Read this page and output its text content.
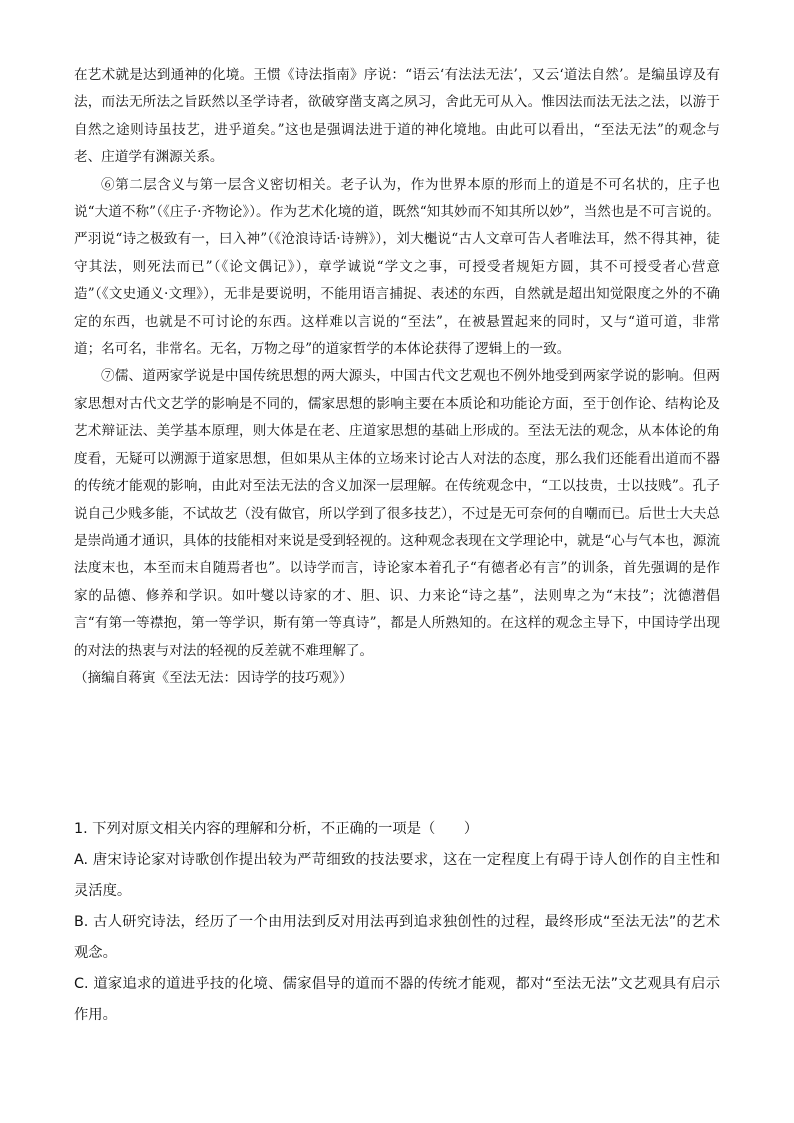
在艺术就是达到通神的化境。王惯《诗法指南》序说：“语云‘有法法无法’，又云‘道法自然’。是编虽谆及有法，而法无所法之旨跃然以圣学诗者，欲破穿凿支离之夙习，舍此无可从入。惟因法而法无法之法，以游于自然之途则诗虽技艺，进乎道矣。”这也是强调法进于道的神化境地。由此可以看出，“至法无法”的观念与老、庄道学有渊源关系。

⑥第二层含义与第一层含义密切相关。老子认为，作为世界本原的形而上的道是不可名状的，庄子也说“大道不称”（《庄子·齐物论》）。作为艺术化境的道，既然“知其妙而不知其所以妙”，当然也是不可言说的。严羽说“诗之极致有一，曰入神”（《沧浪诗话·诗辨》），刘大櫆说“古人文章可告人者唯法耳，然不得其神，徒守其法，则死法而已”（《论文偶记》），章学诚说“学文之事，可授受者规矩方圆，其不可授受者心营意造”（《文史通义·文理》），无非是要说明，不能用语言捕捉、表述的东西，自然就是超出知觉限度之外的不确定的东西，也就是不可讨论的东西。这样难以言说的“至法”，在被悬置起来的同时，又与“道可道，非常道；名可名，非常名。无名，万物之母”的道家哲学的本体论获得了逻辑上的一致。

⑦儒、道两家学说是中国传统思想的两大源头，中国古代文艺观也不例外地受到两家学说的影响。但两家思想对古代文艺学的影响是不同的，儒家思想的影响主要在本质论和功能论方面，至于创作论、结构论及艺术辩证法、美学基本原理，则大体是在老、庄道家思想的基础上形成的。至法无法的观念，从本体论的角度看，无疑可以溯源于道家思想，但如果从主体的立场来讨论古人对法的态度，那么我们还能看出道而不器的传统才能观的影响，由此对至法无法的含义加深一层理解。在传统观念中，“工以技贵，士以技贱”。孔子说自己少贱多能，不试故艺（没有做官，所以学到了很多技艺），不过是无可奈何的自嘲而已。后世士大夫总是崇尚通才通识，具体的技能相对来说是受到轻视的。这种观念表现在文学理论中，就是“心与气本也，源流法度末也，本至而末自随焉者也”。以诗学而言，诗论家本着孔子“有德者必有言”的训条，首先强调的是作家的品德、修养和学识。如叶燮以诗家的才、胆、识、力来论“诗之基”，法则卑之为“末技”；沈德潜倡言“有第一等襟抱，第一等学识，斯有第一等真诗”，都是人所熟知的。在这样的观念主导下，中国诗学出现的对法的热衷与对法的轻视的反差就不难理解了。

（摘编自蒋寅《至法无法：因诗学的技巧观》）

1. 下列对原文相关内容的理解和分析，不正确的一项是（　　）

A. 唐宋诗论家对诗歌创作提出较为严苛细致的技法要求，这在一定程度上有碍于诗人创作的自主性和灵活度。

B. 古人研究诗法，经历了一个由用法到反对用法再到追求独创性的过程，最终形成“至法无法”的艺术观念。

C. 道家追求的道进乎技的化境、儒家倡导的道而不器的传统才能观，都对“至法无法”文艺观具有启示作用。
